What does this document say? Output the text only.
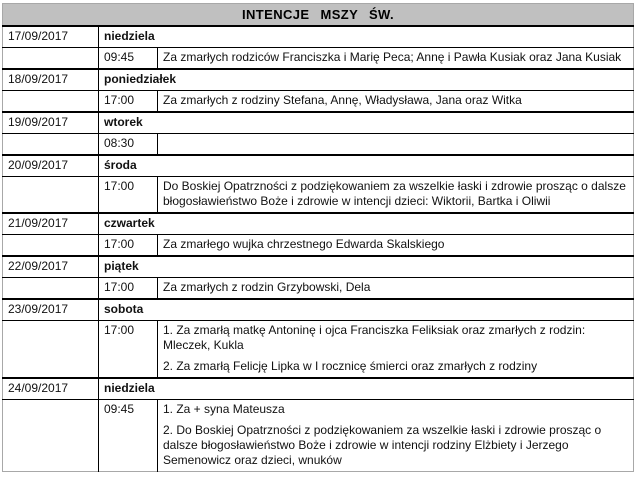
INTENCJE MSZY ŚW.		
17/09/2017	niedziela	
	09:45	Za zmarłych rodziców Franciszka i Marię Peca; Annę i Pawła Kusiak oraz Jana Kusiak

18/09/2017	poniedziałek	
	17:00	Za zmarłych z rodziny Stefana, Annę, Władysława, Jana oraz Witka

19/09/2017	wtorek	
	08:30	
20/09/2017	środa	
	17:00	Do Boskiej Opatrzności z podziękowaniem za wszelkie łaski i zdrowie prosząc o dalsze błogosławieństwo Boże i zdrowie w intencji dzieci: Wiktorii, Bartka i Oliwii

21/09/2017	czwartek	
	17:00	Za zmarłego wujka chrzestnego Edwarda Skalskiego

22/09/2017	piątek	
	17:00	Za zmarłych z rodzin Grzybowski, Dela

23/09/2017	sobota	
	17:00	1. Za zmarłą matkę Antoninę i ojca Franciszka Feliksiak oraz zmarłych z rodzin: Mleczek, Kukla

2. Za zmarłą Felicję Lipka w I rocznicę śmierci oraz zmarłych z rodziny

24/09/2017	niedziela	
	09:45	1. Za + syna Mateusza

2. Do Boskiej Opatrzności z podziękowaniem za wszelkie łaski i zdrowie prosząc o dalsze błogosławieństwo Boże i zdrowie w intencji rodziny Elżbiety i Jerzego Semenowicz oraz dzieci, wnuków
